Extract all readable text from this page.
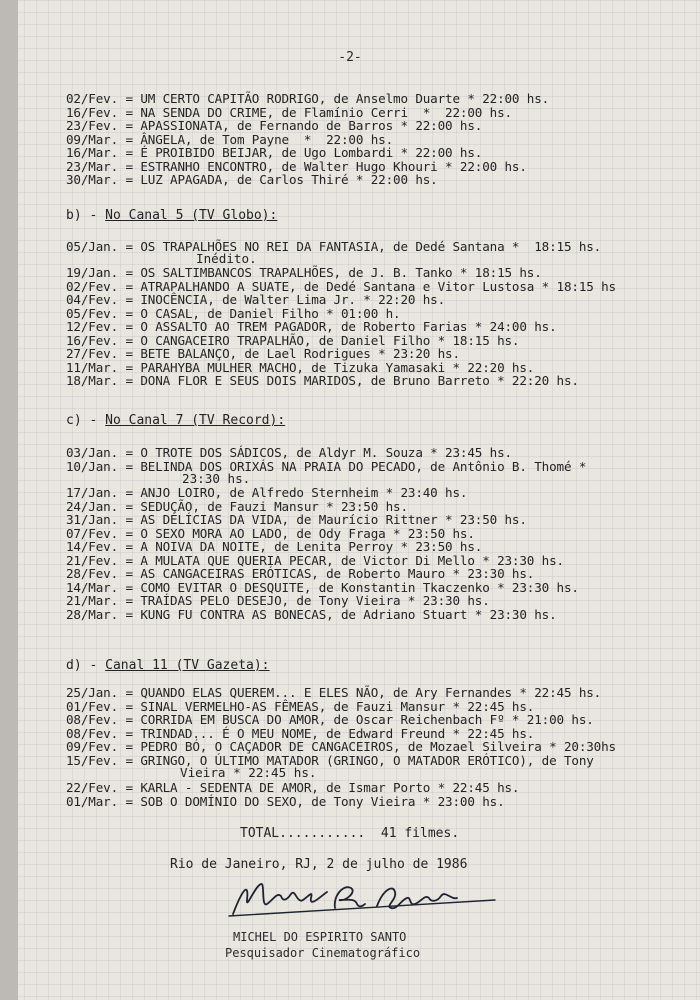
-2-
02/Fev. = UM CERTO CAPITÃO RODRIGO, de Anselmo Duarte * 22:00 hs.
16/Fev. = NA SENDA DO CRIME, de Flamínio Cerri  *  22:00 hs.
23/Fev. = APASSIONATA, de Fernando de Barros * 22:00 hs.
09/Mar. = ÂNGELA, de Tom Payne  *  22:00 hs.
16/Mar. = É PROIBIDO BEIJAR, de Ugo Lombardi * 22:00 hs.
23/Mar. = ESTRANHO ENCONTRO, de Walter Hugo Khouri * 22:00 hs.
30/Mar. = LUZ APAGADA, de Carlos Thiré * 22:00 hs.
b) - No Canal 5 (TV Globo):
05/Jan. = OS TRAPALHÕES NO REI DA FANTASIA, de Dedé Santana *  18:15 hs.
Inédito.
19/Jan. = OS SALTIMBANCOS TRAPALHÕES, de J. B. Tanko * 18:15 hs.
02/Fev. = ATRAPALHANDO A SUATE, de Dedé Santana e Vitor Lustosa * 18:15 hs
04/Fev. = INOCÊNCIA, de Walter Lima Jr. * 22:20 hs.
05/Fev. = O CASAL, de Daniel Filho * 01:00 h.
12/Fev. = O ASSALTO AO TREM PAGADOR, de Roberto Farias * 24:00 hs.
16/Fev. = O CANGACEIRO TRAPALHÃO, de Daniel Filho * 18:15 hs.
27/Fev. = BETE BALANÇO, de Lael Rodrigues * 23:20 hs.
11/Mar. = PARAHYBA MULHER MACHO, de Tizuka Yamasaki * 22:20 hs.
18/Mar. = DONA FLOR E SEUS DOIS MARIDOS, de Bruno Barreto * 22:20 hs.
c) - No Canal 7 (TV Record):
03/Jan. = O TROTE DOS SÁDICOS, de Aldyr M. Souza * 23:45 hs.
10/Jan. = BELINDA DOS ORIXÁS NA PRAIA DO PECADO, de Antônio B. Thomé *
23:30 hs.
17/Jan. = ANJO LOIRO, de Alfredo Sternheim * 23:40 hs.
24/Jan. = SEDUÇÃO, de Fauzi Mansur * 23:50 hs.
31/Jan. = AS DELÍCIAS DA VIDA, de Maurício Rittner * 23:50 hs.
07/Fev. = O SEXO MORA AO LADO, de Ody Fraga * 23:50 hs.
14/Fev. = A NOIVA DA NOITE, de Lenita Perroy * 23:50 hs.
21/Fev. = A MULATA QUE QUERIA PECAR, de Victor Di Mello * 23:30 hs.
28/Fev. = AS CANGACEIRAS ERÓTICAS, de Roberto Mauro * 23:30 hs.
14/Mar. = COMO EVITAR O DESQUITE, de Konstantin Tkaczenko * 23:30 hs.
21/Mar. = TRAÍDAS PELO DESEJO, de Tony Vieira * 23:30 hs.
28/Mar. = KUNG FU CONTRA AS BONECAS, de Adriano Stuart * 23:30 hs.
d) - Canal 11 (TV Gazeta):
25/Jan. = QUANDO ELAS QUEREM... E ELES NÃO, de Ary Fernandes * 22:45 hs.
01/Fev. = SINAL VERMELHO-AS FÊMEAS, de Fauzi Mansur * 22:45 hs.
08/Fev. = CORRIDA EM BUSCA DO AMOR, de Oscar Reichenbach Fº * 21:00 hs.
08/Fev. = TRINDAD... É O MEU NOME, de Edward Freund * 22:45 hs.
09/Fev. = PEDRO BÓ, O CAÇADOR DE CANGACEIROS, de Mozael Silveira * 20:30hs
15/Fev. = GRINGO, O ÚLTIMO MATADOR (GRINGO, O MATADOR ERÓTICO), de Tony
Vieira * 22:45 hs.
22/Fev. = KARLA - SEDENTA DE AMOR, de Ismar Porto * 22:45 hs.
01/Mar. = SOB O DOMÍNIO DO SEXO, de Tony Vieira * 23:00 hs.
TOTAL...........  41 filmes.
Rio de Janeiro, RJ, 2 de julho de 1986
MICHEL DO ESPIRITO SANTO
Pesquisador Cinematográfico
